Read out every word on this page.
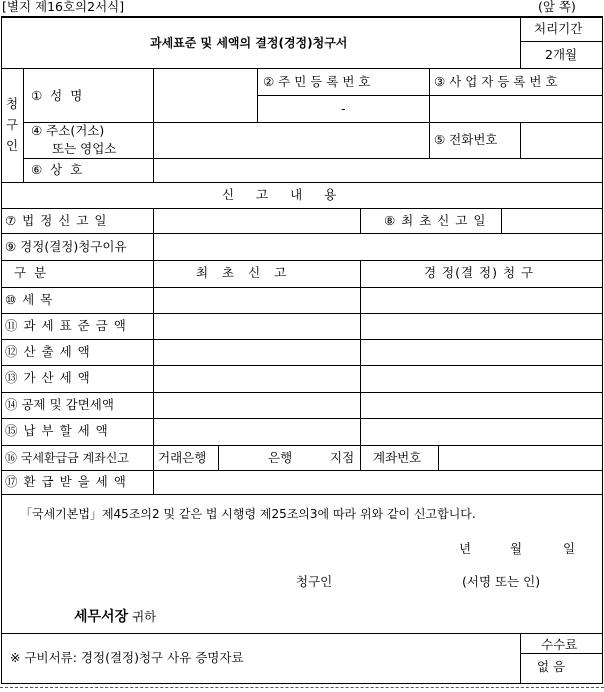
[별지 제16호의2서식]	(앞 쪽)
과세표준 및 세액의 결정(경정)청구서
처리기간
2개월
청
구
인
① 성 명
② 주 민 등 록 번 호
-
③ 사 업 자 등 록 번 호
④ 주소(거소)
또는 영업소
⑤ 전화번호
⑥ 상 호
신 고 내 용
⑦ 법 정 신 고 일	⑧ 최 초 신 고 일
⑨ 경정(결정)청구이유
구 분	최 초 신 고	경 정(결 정) 청 구
⑩ 세 목
⑪ 과 세 표 준 금 액
⑫ 산 출 세 액
⑬ 가 산 세 액
⑭ 공제 및 감면세액
⑮ 납 부 할 세 액
⑯ 국세환급금 계좌신고 거래은행	은행	지점 계좌번호
⑰ 환 급 받 을 세 액
「국세기본법」제45조의2 및 같은 법 시행령 제25조의3에 따라 위와 같이 신고합니다.
년	월	일
청구인	(서명 또는 인)
세무서장 귀하
※ 구비서류: 경정(결정)청구 사유 증명자료
수수료
없 음
